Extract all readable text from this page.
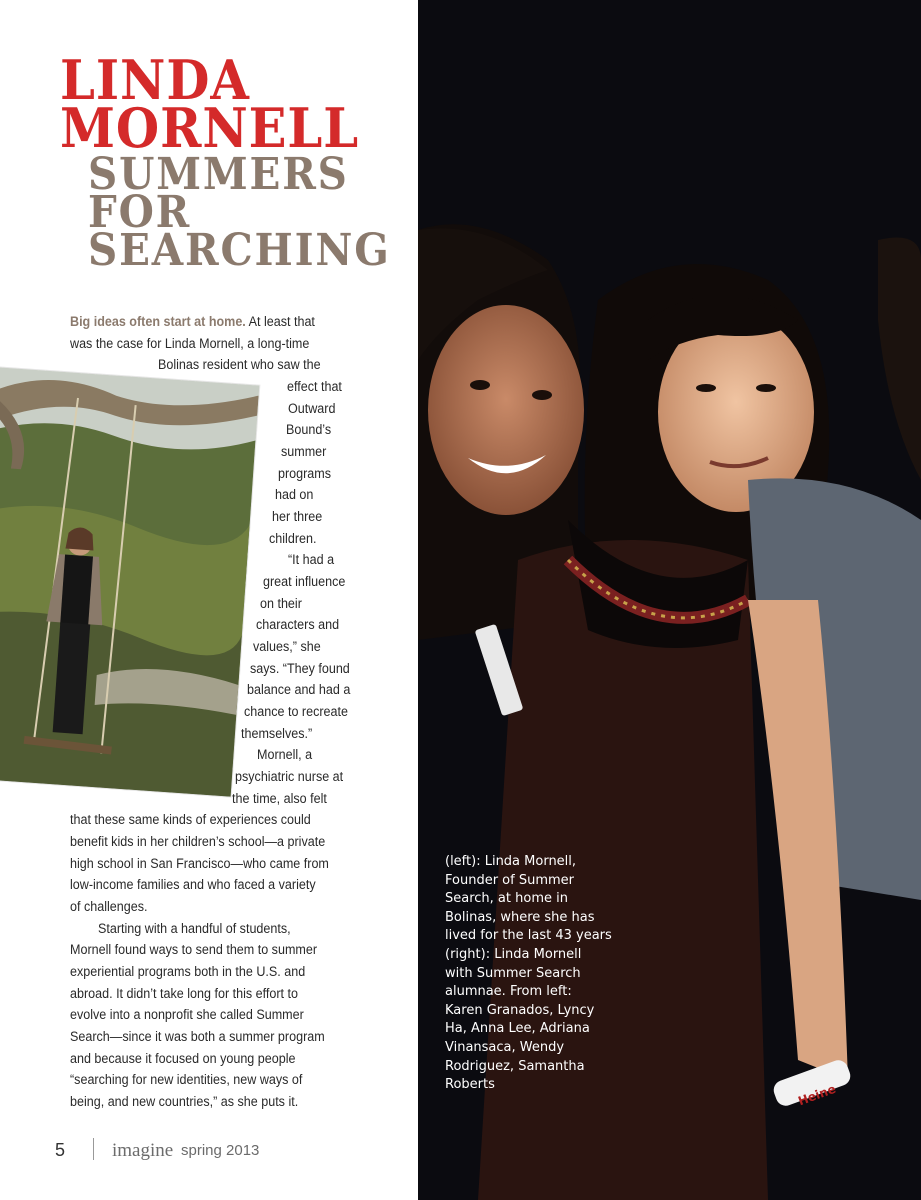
LINDA
MORNELL
SUMMERS
FOR
SEARCHING
Big ideas often start at home. At least that
was the case for Linda Mornell, a long-time
Bolinas resident who saw the
effect that
Outward
Bound’s
summer
programs
had on
her three
children.
“It had a
great influence
on their
characters and
values,” she
says. “They found
balance and had a
chance to recreate
themselves.”
Mornell, a
psychiatric nurse at
the time, also felt
that these same kinds of experiences could
benefit kids in her children’s school—a private
high school in San Francisco—who came from
low-income families and who faced a variety
of challenges.
Starting with a handful of students,
Mornell found ways to send them to summer
experiential programs both in the U.S. and
abroad. It didn’t take long for this effort to
evolve into a nonprofit she called Summer
Search—since it was both a summer program
and because it focused on young people
“searching for new identities, new ways of
being, and new countries,” as she puts it.
5 imagine spring 2013
Heine
(left): Linda Mornell,
Founder of Summer
Search, at home in
Bolinas, where she has
lived for the last 43 years
(right): Linda Mornell
with Summer Search
alumnae. From left:
Karen Granados, Lyncy
Ha, Anna Lee, Adriana
Vinansaca, Wendy
Rodriguez, Samantha
Roberts
